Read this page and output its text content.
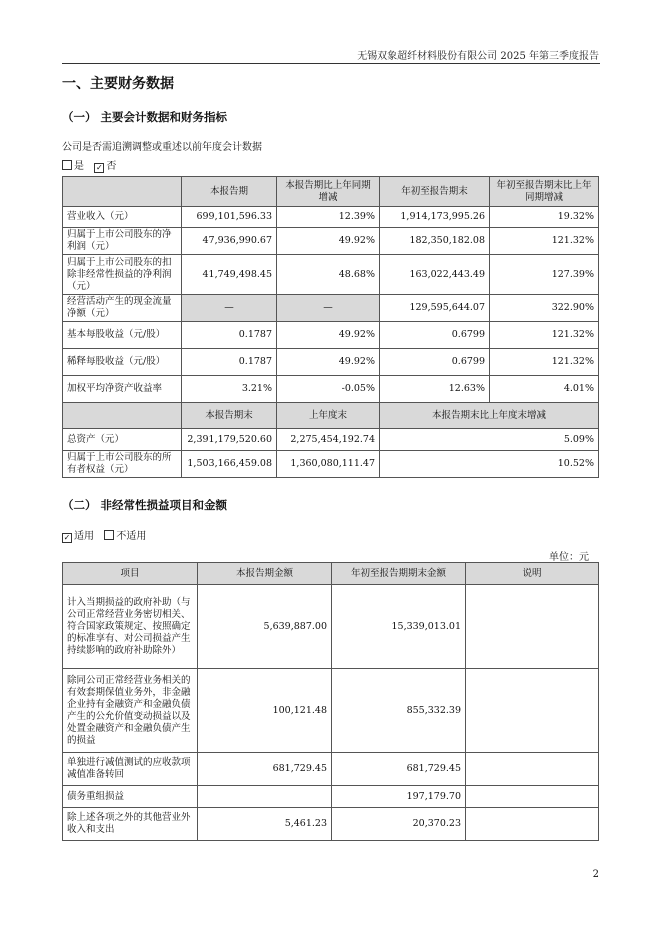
无锡双象超纤材料股份有限公司 2025 年第三季度报告
一、主要财务数据
（一） 主要会计数据和财务指标
公司是否需追溯调整或重述以前年度会计数据
是 ✓ 否
	本报告期	本报告期比上年同期增减	年初至报告期末	年初至报告期末比上年同期增减
营业收入（元）	699,101,596.33	12.39%	1,914,173,995.26	19.32%
归属于上市公司股东的净利润（元）	47,936,990.67	49.92%	182,350,182.08	121.32%
归属于上市公司股东的扣除非经常性损益的净利润（元）	41,749,498.45	48.68%	163,022,443.49	127.39%
经营活动产生的现金流量净额（元）	—	—	129,595,644.07	322.90%
基本每股收益（元/股）	0.1787	49.92%	0.6799	121.32%
稀释每股收益（元/股）	0.1787	49.92%	0.6799	121.32%
加权平均净资产收益率	3.21%	-0.05%	12.63%	4.01%
	本报告期末	上年度末	本报告期末比上年度末增减	
总资产（元）	2,391,179,520.60	2,275,454,192.74	5.09%	
归属于上市公司股东的所有者权益（元）	1,503,166,459.08	1,360,080,111.47	10.52%	
（二） 非经常性损益项目和金额
✓ 适用 不适用
单位：元
项目	本报告期金额	年初至报告期期末金额	说明
计入当期损益的政府补助（与公司正常经营业务密切相关、符合国家政策规定、按照确定的标准享有、对公司损益产生持续影响的政府补助除外）	5,639,887.00	15,339,013.01	
除同公司正常经营业务相关的有效套期保值业务外，非金融企业持有金融资产和金融负债产生的公允价值变动损益以及处置金融资产和金融负债产生的损益	100,121.48	855,332.39	
单独进行减值测试的应收款项减值准备转回	681,729.45	681,729.45	
债务重组损益		197,179.70	
除上述各项之外的其他营业外收入和支出	5,461.23	20,370.23	
2
